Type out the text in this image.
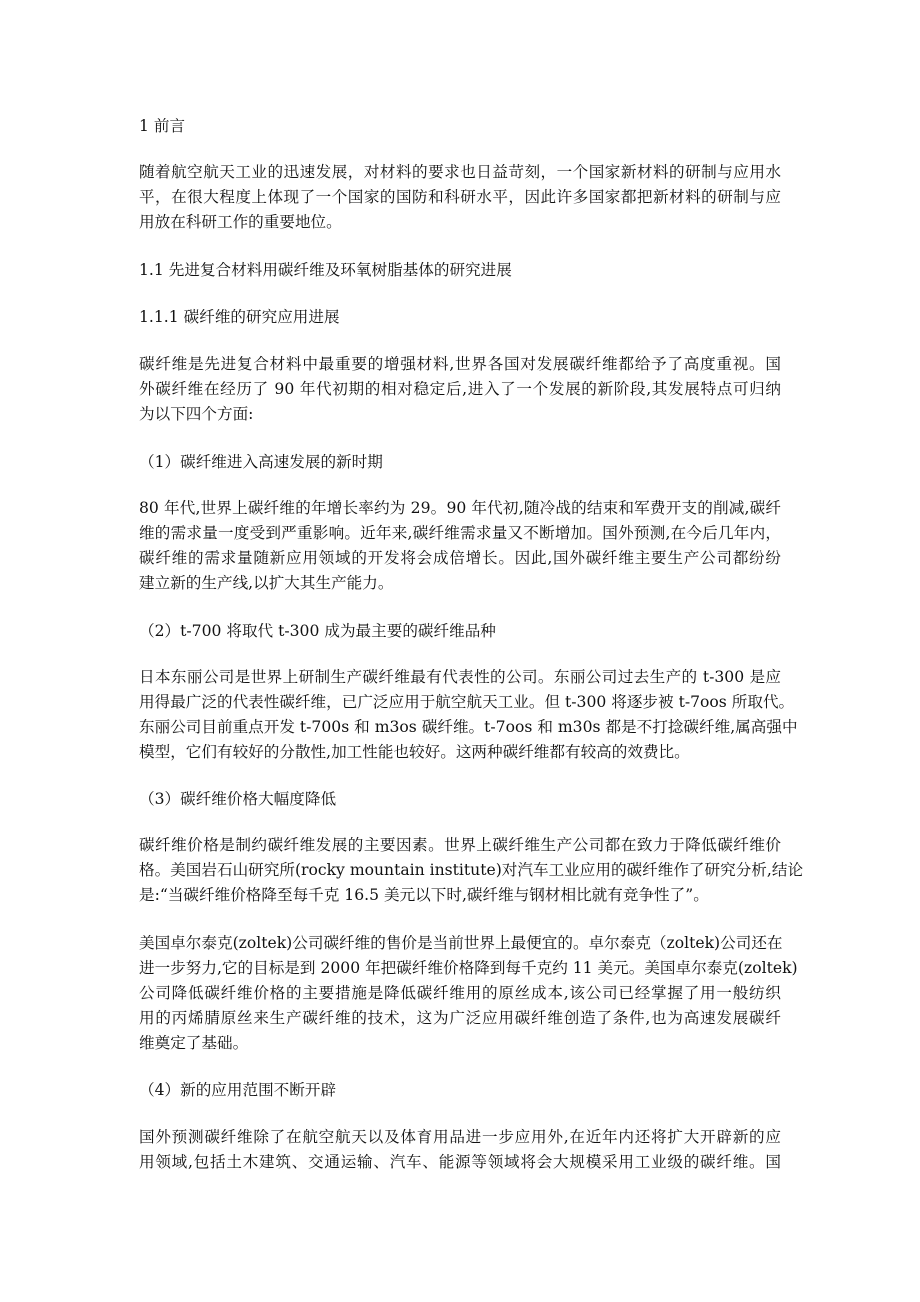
1 前言
随着航空航天工业的迅速发展，对材料的要求也日益苛刻，一个国家新材料的研制与应用水
平，在很大程度上体现了一个国家的国防和科研水平，因此许多国家都把新材料的研制与应
用放在科研工作的重要地位。
1.1 先进复合材料用碳纤维及环氧树脂基体的研究进展
1.1.1 碳纤维的研究应用进展
碳纤维是先进复合材料中最重要的增强材料,世界各国对发展碳纤维都给予了高度重视。国
外碳纤维在经历了 90 年代初期的相对稳定后,进入了一个发展的新阶段,其发展特点可归纳
为以下四个方面:
（1）碳纤维进入高速发展的新时期
80 年代,世界上碳纤维的年增长率约为 29。90 年代初,随冷战的结束和军费开支的削减,碳纤
维的需求量一度受到严重影响。近年来,碳纤维需求量又不断增加。国外预测,在今后几年内，
碳纤维的需求量随新应用领域的开发将会成倍增长。因此,国外碳纤维主要生产公司都纷纷
建立新的生产线,以扩大其生产能力。
（2）t-700 将取代 t-300 成为最主要的碳纤维品种
日本东丽公司是世界上研制生产碳纤维最有代表性的公司。东丽公司过去生产的 t-300 是应
用得最广泛的代表性碳纤维，已广泛应用于航空航天工业。但 t-300 将逐步被 t-7oos 所取代。
东丽公司目前重点开发 t-700s 和 m3os 碳纤维。t-7oos 和 m30s 都是不打捻碳纤维,属高强中
模型，它们有较好的分散性,加工性能也较好。这两种碳纤维都有较高的效费比。
（3）碳纤维价格大幅度降低
碳纤维价格是制约碳纤维发展的主要因素。世界上碳纤维生产公司都在致力于降低碳纤维价
格。美国岩石山研究所(rocky mountain institute)对汽车工业应用的碳纤维作了研究分析,结论
是:“当碳纤维价格降至每千克 16.5 美元以下时,碳纤维与钢材相比就有竞争性了”。
美国卓尔泰克(zoltek)公司碳纤维的售价是当前世界上最便宜的。卓尔泰克（zoltek)公司还在
进一步努力,它的目标是到 2000 年把碳纤维价格降到每千克约 11 美元。美国卓尔泰克(zoltek)
公司降低碳纤维价格的主要措施是降低碳纤维用的原丝成本,该公司已经掌握了用一般纺织
用的丙烯腈原丝来生产碳纤维的技术，这为广泛应用碳纤维创造了条件,也为高速发展碳纤
维奠定了基础。
（4）新的应用范围不断开辟
国外预测碳纤维除了在航空航天以及体育用品进一步应用外,在近年内还将扩大开辟新的应
用领域,包括土木建筑、交通运输、汽车、能源等领域将会大规模采用工业级的碳纤维。国
